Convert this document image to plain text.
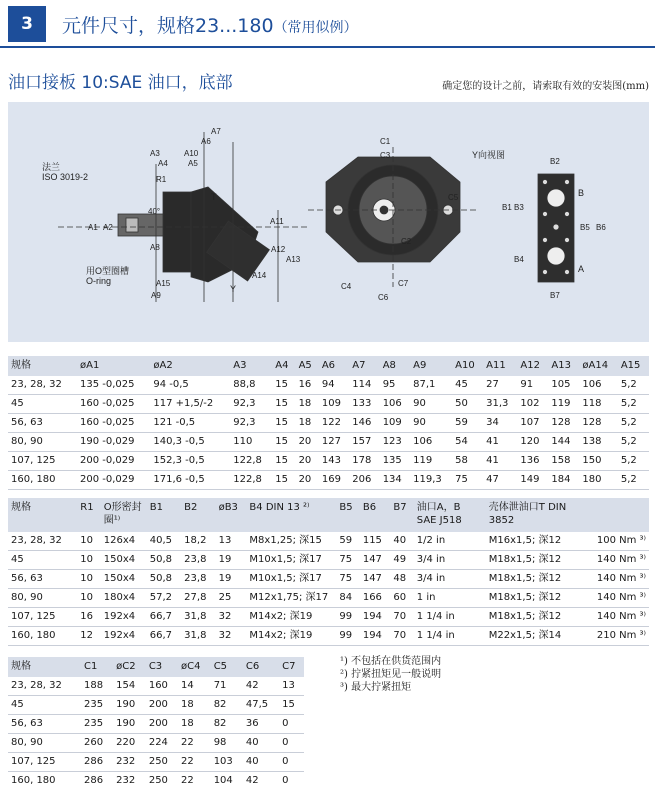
3	元件尺寸，规格23...180（常用似例）
油口接板 10:SAE 油口，底部	确定您的设计之前，请索取有效的安装图(mm)
法兰
ISO 3019-2
用O型圈槽
O-ring
A7
A6
A3	A10
A4	A5
R1
A1 A2
A8
40°
A15
A9
A11
A12
A13
A14
T
Y
C1
C3
C5
C2
C4	C7
C6
Y向视图
B2
B1 B3
B5 B6
B4
B7
B
A
规格	øA1	øA2	A3	A4	A5	A6	A7	A8	A9	A10	A11	A12	A13	øA14	A15
23, 28, 32	135 -0,025	94 -0,5	88,8	15	16	94	114	95	87,1	45	27	91	105	106	5,2
45	160 -0,025	117 +1,5/-2	92,3	15	18	109	133	106	90	50	31,3	102	119	118	5,2
56, 63	160 -0,025	121 -0,5	92,3	15	18	122	146	109	90	59	34	107	128	128	5,2
80, 90	190 -0,029	140,3 -0,5	110	15	20	127	157	123	106	54	41	120	144	138	5,2
107, 125	200 -0,029	152,3 -0,5	122,8	15	20	143	178	135	119	58	41	136	158	150	5,2
160, 180	200 -0,029	171,6 -0,5	122,8	15	20	169	206	134	119,3	75	47	149	184	180	5,2
规格	R1	O形密封圈¹⁾	B1	B2	øB3	B4 DIN 13 ²⁾	B5	B6	B7	油口A，B SAE J518	壳体泄油口T DIN 3852	
23, 28, 32	10	126x4	40,5	18,2	13	M8x1,25; 深15	59	115	40	1/2 in	M16x1,5; 深12	100 Nm ³⁾
45	10	150x4	50,8	23,8	19	M10x1,5; 深17	75	147	49	3/4 in	M18x1,5; 深12	140 Nm ³⁾
56, 63	10	150x4	50,8	23,8	19	M10x1,5; 深17	75	147	48	3/4 in	M18x1,5; 深12	140 Nm ³⁾
80, 90	10	180x4	57,2	27,8	25	M12x1,75; 深17	84	166	60	1 in	M18x1,5; 深12	140 Nm ³⁾
107, 125	16	192x4	66,7	31,8	32	M14x2; 深19	99	194	70	1 1/4 in	M18x1,5; 深12	140 Nm ³⁾
160, 180	12	192x4	66,7	31,8	32	M14x2; 深19	99	194	70	1 1/4 in	M22x1,5; 深14	210 Nm ³⁾
规格	C1	øC2	C3	øC4	C5	C6	C7
23, 28, 32	188	154	160	14	71	42	13
45	235	190	200	18	82	47,5	15
56, 63	235	190	200	18	82	36	0
80, 90	260	220	224	22	98	40	0
107, 125	286	232	250	22	103	40	0
160, 180	286	232	250	22	104	42	0
¹) 不包括在供货范围内
²) 拧紧扭矩见一般说明
³) 最大拧紧扭矩
